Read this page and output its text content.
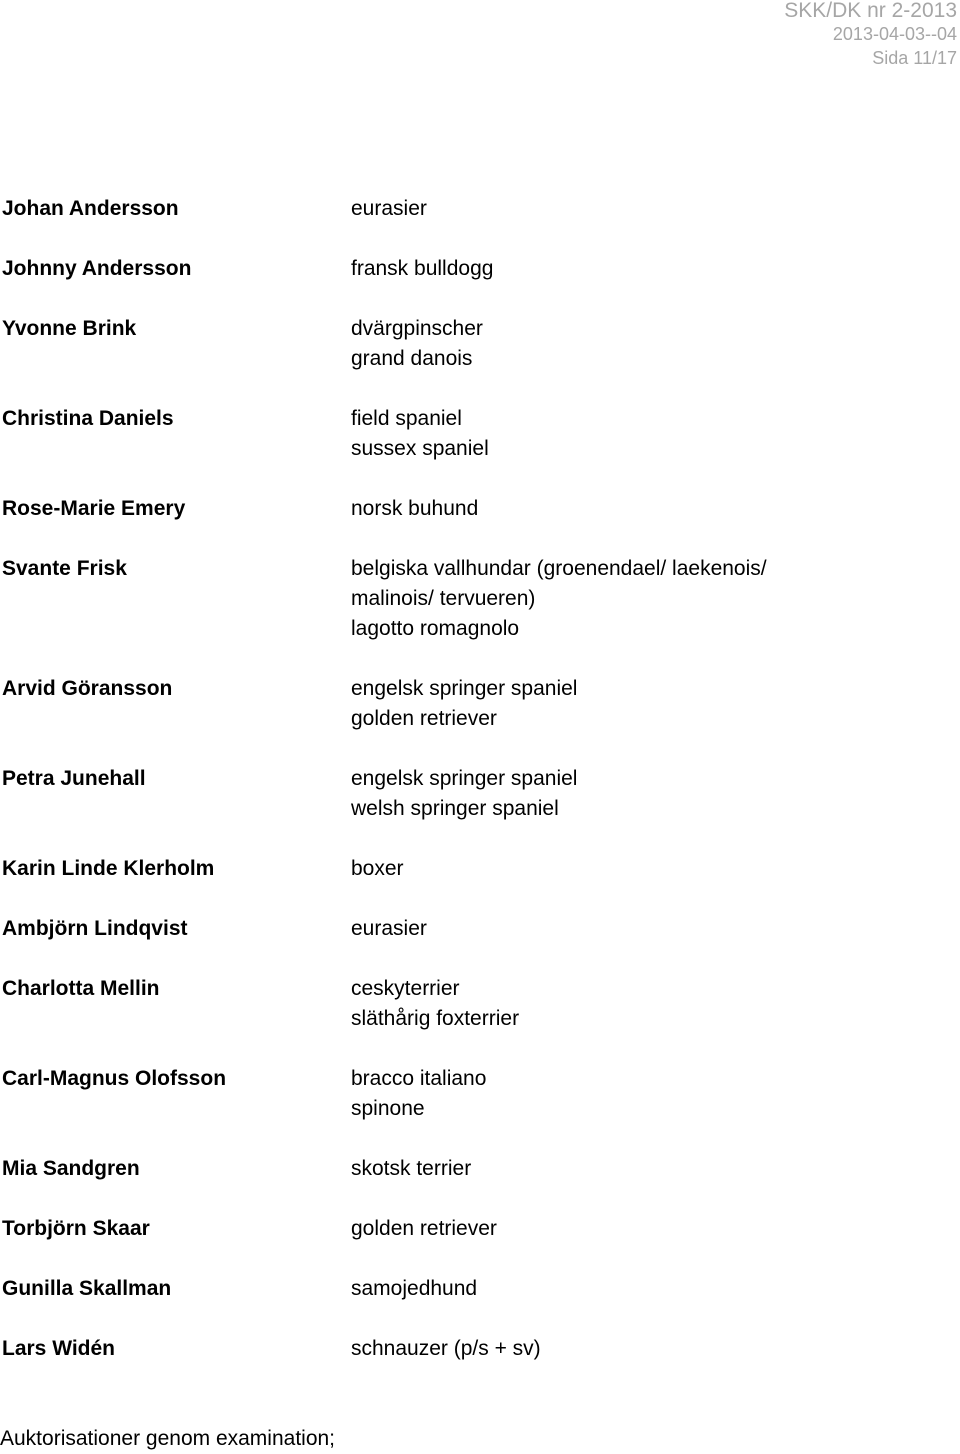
SKK/DK nr 2-2013
2013-04-03--04
Sida 11/17
Johan Andersson	eurasier
Johnny Andersson	fransk bulldogg
Yvonne Brink	dvärgpinscher
grand danois
Christina Daniels	field spaniel
sussex spaniel
Rose-Marie Emery	norsk buhund
Svante Frisk	belgiska vallhundar (groenendael/ laekenois/
malinois/ tervueren)
lagotto romagnolo
Arvid Göransson	engelsk springer spaniel
golden retriever
Petra Junehall	engelsk springer spaniel
welsh springer spaniel
Karin Linde Klerholm	boxer
Ambjörn Lindqvist	eurasier
Charlotta Mellin	ceskyterrier
släthårig foxterrier
Carl-Magnus Olofsson	bracco italiano
spinone
Mia Sandgren	skotsk terrier
Torbjörn Skaar	golden retriever
Gunilla Skallman	samojedhund
Lars Widén	schnauzer (p/s + sv)
Auktorisationer genom examination;
